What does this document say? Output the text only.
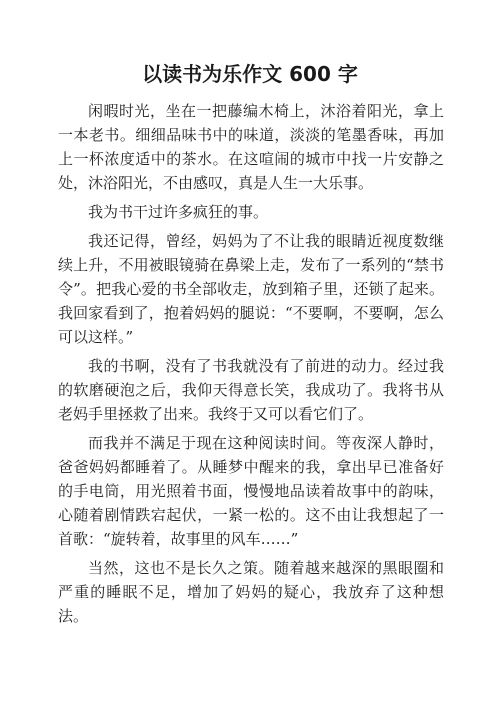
以读书为乐作文 600 字

闲暇时光，坐在一把藤编木椅上，沐浴着阳光，拿上一本老书。细细品味书中的味道，淡淡的笔墨香味，再加上一杯浓度适中的茶水。在这喧闹的城市中找一片安静之处，沐浴阳光，不由感叹，真是人生一大乐事。

我为书干过许多疯狂的事。

我还记得，曾经，妈妈为了不让我的眼睛近视度数继续上升，不用被眼镜骑在鼻梁上走，发布了一系列的“禁书令”。把我心爱的书全部收走，放到箱子里，还锁了起来。我回家看到了，抱着妈妈的腿说：“不要啊，不要啊，怎么可以这样。”

我的书啊，没有了书我就没有了前进的动力。经过我的软磨硬泡之后，我仰天得意长笑，我成功了。我将书从老妈手里拯救了出来。我终于又可以看它们了。

而我并不满足于现在这种阅读时间。等夜深人静时，爸爸妈妈都睡着了。从睡梦中醒来的我，拿出早已准备好的手电筒，用光照着书面，慢慢地品读着故事中的韵味，心随着剧情跌宕起伏，一紧一松的。这不由让我想起了一首歌：“旋转着，故事里的风车……”

当然，这也不是长久之策。随着越来越深的黑眼圈和严重的睡眠不足，增加了妈妈的疑心，我放弃了这种想法。
